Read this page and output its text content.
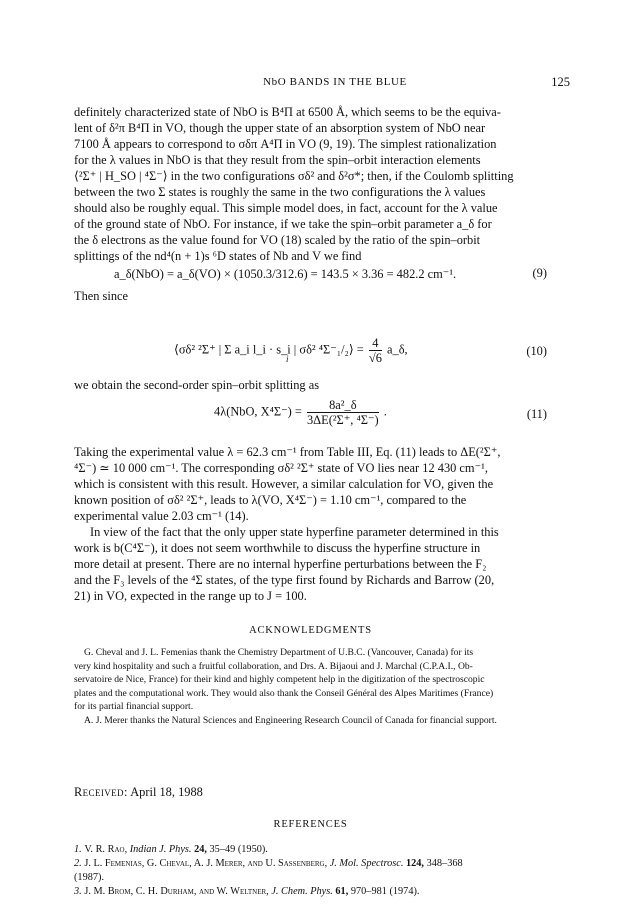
NbO BANDS IN THE BLUE	125

definitely characterized state of NbO is B⁴Π at 6500 Å, which seems to be the equiva-

lent of δ²π B⁴Π in VO, though the upper state of an absorption system of NbO near

7100 Å appears to correspond to σδπ A⁴Π in VO (9, 19). The simplest rationalization

for the λ values in NbO is that they result from the spin–orbit interaction elements

⟨²Σ⁺ | H_SO | ⁴Σ⁻⟩ in the two configurations σδ² and δ²σ*; then, if the Coulomb splitting

between the two Σ states is roughly the same in the two configurations the λ values

should also be roughly equal. This simple model does, in fact, account for the λ value

of the ground state of NbO. For instance, if we take the spin–orbit parameter a_δ for

the δ electrons as the value found for VO (18) scaled by the ratio of the spin–orbit

splittings of the nd⁴(n + 1)s ⁶D states of Nb and V we find

a_δ(NbO) = a_δ(VO) × (1050.3/312.6) = 143.5 × 3.36 = 482.2 cm⁻¹.	(9)

Then since

⟨σδ² ²Σ⁺ | Σ a_i l_i · s_i | σδ² ⁴Σ⁻₁/₂⟩ = $\frac{4}{√6}$ a_δ,
i
(10)

we obtain the second-order spin–orbit splitting as

4λ(NbO, $X^4\Sigma^-) = \frac{\text{8a²\_δ}}{\text{3ΔE(²Σ⁺, ⁴Σ⁻)}}$ .	(11)

Taking the experimental value λ = 62.3 cm⁻¹ from Table III, Eq. (11) leads to ΔE(²Σ⁺,

⁴Σ⁻) ≃ 10 000 cm⁻¹. The corresponding σδ² ²Σ⁺ state of VO lies near 12 430 cm⁻¹,

which is consistent with this result. However, a similar calculation for VO, given the

known position of σδ² ²Σ⁺, leads to λ(VO, X⁴Σ⁻) = 1.10 cm⁻¹, compared to the

experimental value 2.03 cm⁻¹ (14).

In view of the fact that the only upper state hyperfine parameter determined in this

work is b(C⁴Σ⁻), it does not seem worthwhile to discuss the hyperfine structure in

more detail at present. There are no internal hyperfine perturbations between the F₂

and the F₃ levels of the ⁴Σ states, of the type first found by Richards and Barrow (20,

21) in VO, expected in the range up to J = 100.

ACKNOWLEDGMENTS

G. Cheval and J. L. Femenias thank the Chemistry Department of U.B.C. (Vancouver, Canada) for its

very kind hospitality and such a fruitful collaboration, and Drs. A. Bijaoui and J. Marchal (C.P.A.I., Ob-

servatoire de Nice, France) for their kind and highly competent help in the digitization of the spectroscopic

plates and the computational work. They would also thank the Conseil Général des Alpes Maritimes (France)

for its partial financial support.

A. J. Merer thanks the Natural Sciences and Engineering Research Council of Canada for financial support.

Received: April 18, 1988
REFERENCES

1. V. R. Rao, Indian J. Phys. 24, 35–49 (1950).

2. J. L. Femenias, G. Cheval, A. J. Merer, and U. Sassenberg, J. Mol. Spectrosc. 124, 348–368

(1987).

3. J. M. Brom, C. H. Durham, and W. Weltner, J. Chem. Phys. 61, 970–981 (1974).
